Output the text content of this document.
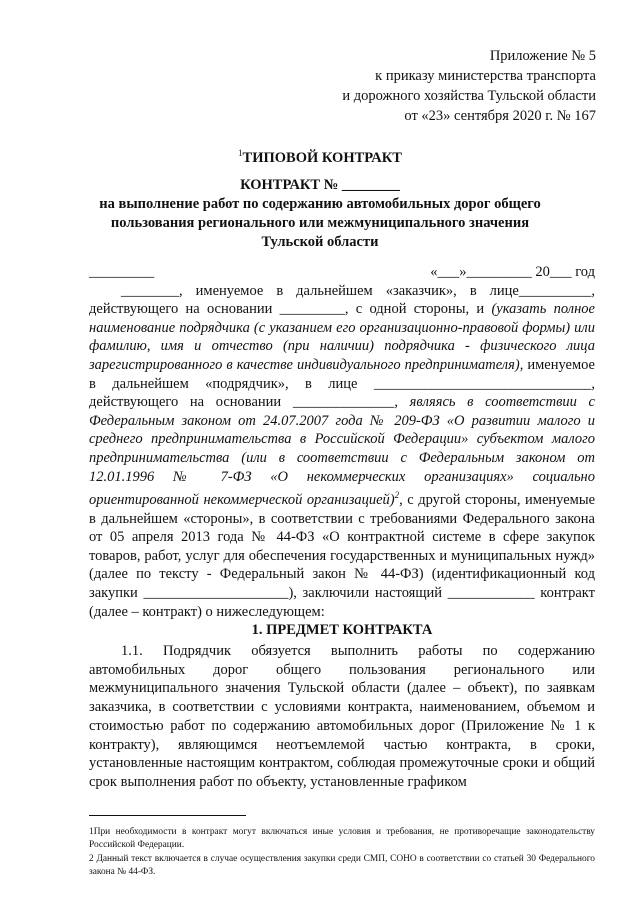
Приложение № 5
к приказу министерства транспорта
и дорожного хозяйства Тульской области
от «23» сентября 2020 г. № 167
$^1$ТИПОВОЙ КОНТРАКТ
КОНТРАКТ № ________
на выполнение работ по содержанию автомобильных дорог общего пользования регионального или межмуниципального значения Тульской области
_________	«___»_________ 20___ год

________, именуемое в дальнейшем «заказчик», в лице__________, действующего на основании _________, с одной стороны, и (указать полное наименование подрядчика (с указанием его организационно-правовой формы) или фамилию, имя и отчество (при наличии) подрядчика - физического лица зарегистрированного в качестве индивидуального предпринимателя), именуемое в дальнейшем «подрядчик», в лице ______________________________, действующего на основании ______________, являясь в соответствии с Федеральным законом от 24.07.2007 года № 209-ФЗ «О развитии малого и среднего предпринимательства в Российской Федерации» субъектом малого предпринимательства (или в соответствии с Федеральным законом от 12.01.1996 № 7-ФЗ «О некоммерческих организациях» социально ориентированной некоммерческой организацией)$^2$, с другой стороны, именуемые в дальнейшем «стороны», в соответствии с требованиями Федерального закона от 05 апреля 2013 года № 44-ФЗ «О контрактной системе в сфере закупок товаров, работ, услуг для обеспечения государственных и муниципальных нужд» (далее по тексту - Федеральный закон № 44-ФЗ) (идентификационный код закупки ____________________), заключили настоящий ____________ контракт (далее – контракт) о нижеследующем:

1. ПРЕДМЕТ КОНТРАКТА

1.1. Подрядчик обязуется выполнить работы по содержанию автомобильных дорог общего пользования регионального или межмуниципального значения Тульской области (далее – объект), по заявкам заказчика, в соответствии с условиями контракта, наименованием, объемом и стоимостью работ по содержанию автомобильных дорог (Приложение № 1 к контракту), являющимся неотъемлемой частью контракта, в сроки, установленные настоящим контрактом, соблюдая промежуточные сроки и общий срок выполнения работ по объекту, установленные графиком

1При необходимости в контракт могут включаться иные условия и требования, не противоречащие законодательству Российской Федерации.

2 Данный текст включается в случае осуществления закупки среди СМП, СОНО в соответствии со статьей 30 Федерального закона № 44-ФЗ.
